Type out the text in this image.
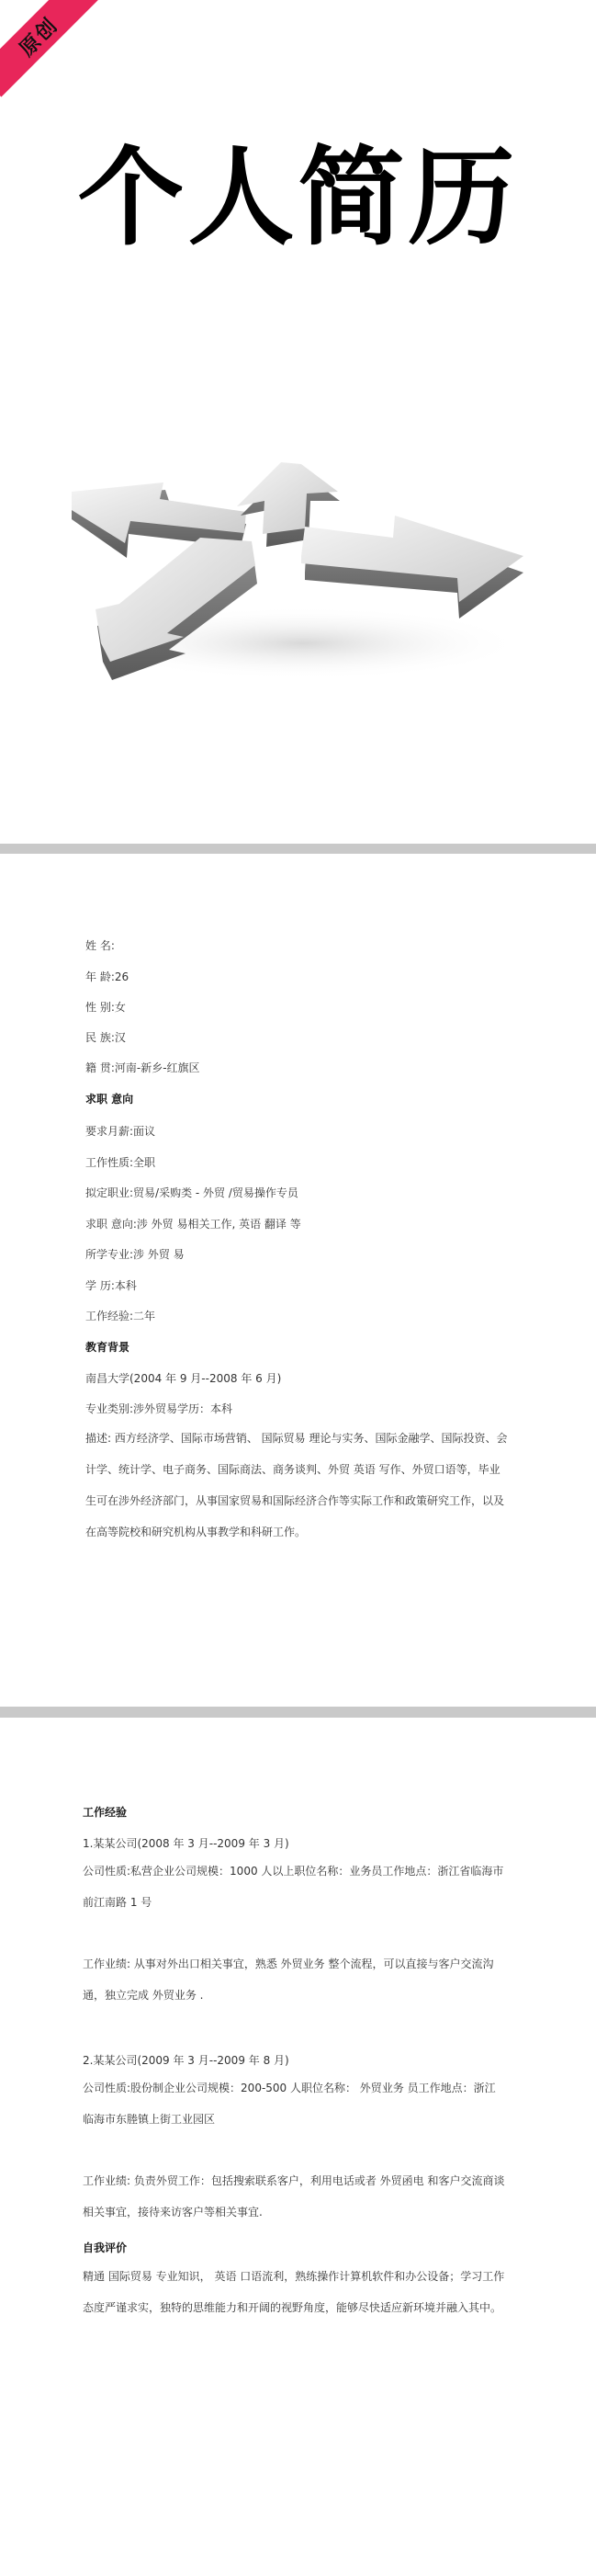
原创
个人简历
姓 名:
年 龄:26
性 别:女
民 族:汉
籍 贯:河南-新乡-红旗区
求职 意向
要求月薪:面议
工作性质:全职
拟定职业:贸易/采购类 - 外贸 /贸易操作专员
求职 意向:涉 外贸 易相关工作, 英语 翻译 等
所学专业:涉 外贸 易
学 历:本科
工作经验:二年
教育背景
南昌大学(2004 年 9 月--2008 年 6 月)
专业类别:涉外贸易学历：本科
描述: 西方经济学、国际市场营销、 国际贸易 理论与实务、国际金融学、国际投资、会计学、统计学、电子商务、国际商法、商务谈判、外贸 英语 写作、外贸口语等，毕业生可在涉外经济部门，从事国家贸易和国际经济合作等实际工作和政策研究工作，以及在高等院校和研究机构从事教学和科研工作。
工作经验
1.某某公司(2008 年 3 月--2009 年 3 月)
公司性质:私营企业公司规模：1000 人以上职位名称：业务员工作地点：浙江省临海市前江南路 1 号
工作业绩: 从事对外出口相关事宜，熟悉 外贸业务 整个流程，可以直接与客户交流沟通，独立完成 外贸业务 .
2.某某公司(2009 年 3 月--2009 年 8 月)
公司性质:股份制企业公司规模：200-500 人职位名称： 外贸业务 员工作地点：浙江临海市东塍镇上街工业园区
工作业绩: 负责外贸工作：包括搜索联系客户，利用电话或者 外贸函电 和客户交流商谈相关事宜，接待来访客户等相关事宜.
自我评价
精通 国际贸易 专业知识， 英语 口语流利，熟练操作计算机软件和办公设备；学习工作态度严谨求实，独特的思维能力和开阔的视野角度，能够尽快适应新环境并融入其中。
